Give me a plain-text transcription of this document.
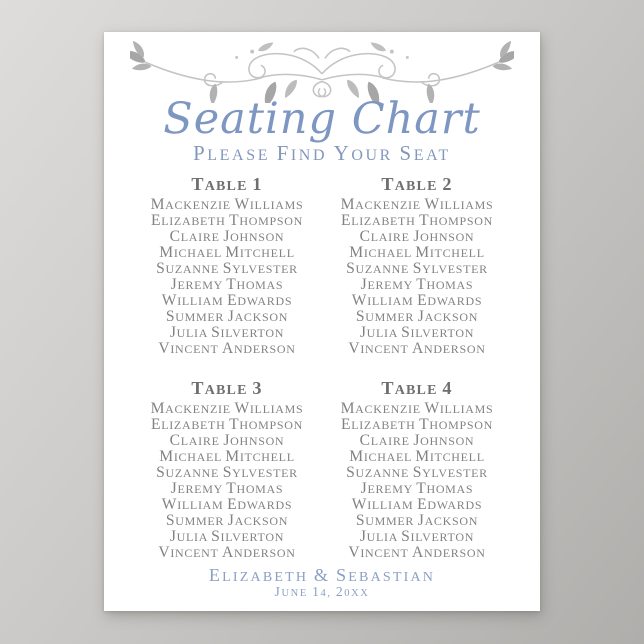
Seating Chart
PLEASE FIND YOUR SEAT
TABLE 1
MACKENZIE WILLIAMS
ELIZABETH THOMPSON
CLAIRE JOHNSON
MICHAEL MITCHELL
SUZANNE SYLVESTER
JEREMY THOMAS
WILLIAM EDWARDS
SUMMER JACKSON
JULIA SILVERTON
VINCENT ANDERSON
TABLE 2
MACKENZIE WILLIAMS
ELIZABETH THOMPSON
CLAIRE JOHNSON
MICHAEL MITCHELL
SUZANNE SYLVESTER
JEREMY THOMAS
WILLIAM EDWARDS
SUMMER JACKSON
JULIA SILVERTON
VINCENT ANDERSON
TABLE 3
MACKENZIE WILLIAMS
ELIZABETH THOMPSON
CLAIRE JOHNSON
MICHAEL MITCHELL
SUZANNE SYLVESTER
JEREMY THOMAS
WILLIAM EDWARDS
SUMMER JACKSON
JULIA SILVERTON
VINCENT ANDERSON
TABLE 4
MACKENZIE WILLIAMS
ELIZABETH THOMPSON
CLAIRE JOHNSON
MICHAEL MITCHELL
SUZANNE SYLVESTER
JEREMY THOMAS
WILLIAM EDWARDS
SUMMER JACKSON
JULIA SILVERTON
VINCENT ANDERSON
ELIZABETH & SEBASTIAN
JUNE 14, 20XX
